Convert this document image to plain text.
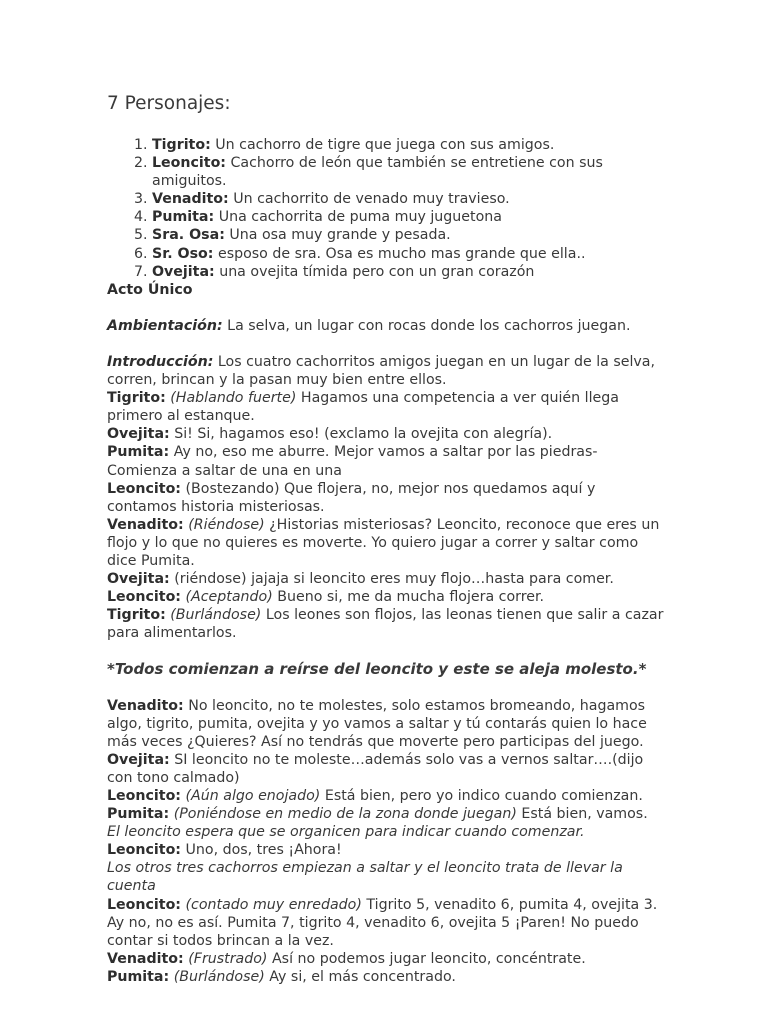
7 Personajes:
1. Tigrito: Un cachorro de tigre que juega con sus amigos.
2. Leoncito: Cachorro de león que también se entretiene con sus amiguitos.
3. Venadito: Un cachorrito de venado muy travieso.
4. Pumita: Una cachorrita de puma muy juguetona
5. Sra. Osa: Una osa muy grande y pesada.
6. Sr. Oso: esposo de sra. Osa es mucho mas grande que ella..
7. Ovejita: una ovejita tímida pero con un gran corazón

Acto Único

Ambientación: La selva, un lugar con rocas donde los cachorros juegan.

Introducción: Los cuatro cachorritos amigos juegan en un lugar de la selva, corren, brincan y la pasan muy bien entre ellos.

Tigrito: (Hablando fuerte) Hagamos una competencia a ver quién llega primero al estanque.

Ovejita: Si! Si, hagamos eso! (exclamo la ovejita con alegría).

Pumita: Ay no, eso me aburre. Mejor vamos a saltar por las piedras- Comienza a saltar de una en una

Leoncito: (Bostezando) Que flojera, no, mejor nos quedamos aquí y contamos historia misteriosas.

Venadito: (Riéndose) ¿Historias misteriosas? Leoncito, reconoce que eres un flojo y lo que no quieres es moverte. Yo quiero jugar a correr y saltar como dice Pumita.

Ovejita: (riéndose) jajaja si leoncito eres muy flojo…hasta para comer.

Leoncito: (Aceptando) Bueno si, me da mucha flojera correr.

Tigrito: (Burlándose) Los leones son flojos, las leonas tienen que salir a cazar para alimentarlos.

*Todos comienzan a reírse del leoncito y este se aleja molesto.*

Venadito: No leoncito, no te molestes, solo estamos bromeando, hagamos algo, tigrito, pumita, ovejita y yo vamos a saltar y tú contarás quien lo hace más veces ¿Quieres? Así no tendrás que moverte pero participas del juego.

Ovejita: SI leoncito no te moleste…además solo vas a vernos saltar….(dijo con tono calmado)

Leoncito: (Aún algo enojado) Está bien, pero yo indico cuando comienzan.

Pumita: (Poniéndose en medio de la zona donde juegan) Está bien, vamos.

El leoncito espera que se organicen para indicar cuando comenzar.

Leoncito: Uno, dos, tres ¡Ahora!

Los otros tres cachorros empiezan a saltar y el leoncito trata de llevar la cuenta

Leoncito: (contado muy enredado) Tigrito 5, venadito 6, pumita 4, ovejita 3. Ay no, no es así. Pumita 7, tigrito 4, venadito 6, ovejita 5 ¡Paren! No puedo contar si todos brincan a la vez.

Venadito: (Frustrado) Así no podemos jugar leoncito, concéntrate.

Pumita: (Burlándose) Ay si, el más concentrado.
